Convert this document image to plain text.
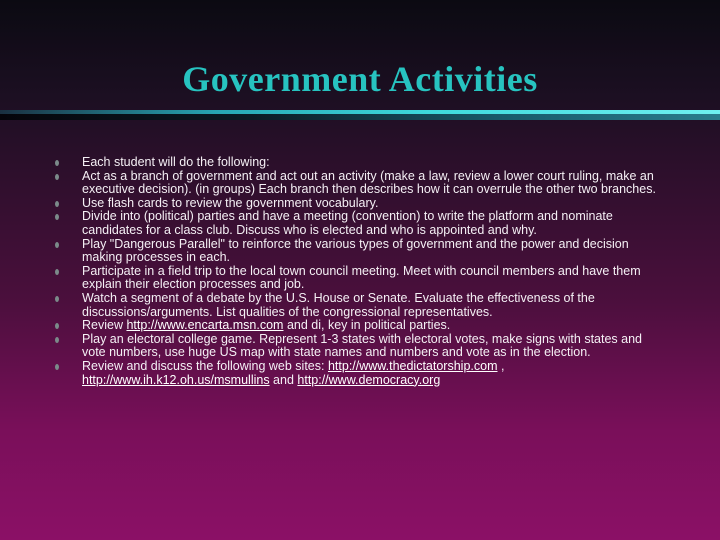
Government Activities
Each student will do the following:
Act as a branch of government and act out an activity (make a law, review a lower court ruling, make an executive decision). (in groups) Each branch then describes how it can overrule the other two branches.
Use flash cards to review the government vocabulary.
Divide into (political) parties and have a meeting (convention) to write the platform and nominate candidates for a class club. Discuss who is elected and who is appointed and why.
Play "Dangerous Parallel" to reinforce the various types of government and the power and decision making processes in each.
Participate in a field trip to the local town council meeting. Meet with council members and have them explain their election processes and job.
Watch a segment of a debate by the U.S. House or Senate. Evaluate the effectiveness of the discussions/arguments. List qualities of the congressional representatives.
Review http://www.encarta.msn.com and di, key in political parties.
Play an electoral college game. Represent 1-3 states with electoral votes, make signs with states and vote numbers, use huge US map with state names and numbers and vote as in the election.
Review and discuss the following web sites: http://www.thedictatorship.com , http://www.ih.k12.oh.us/msmullins and http://www.democracy.org
